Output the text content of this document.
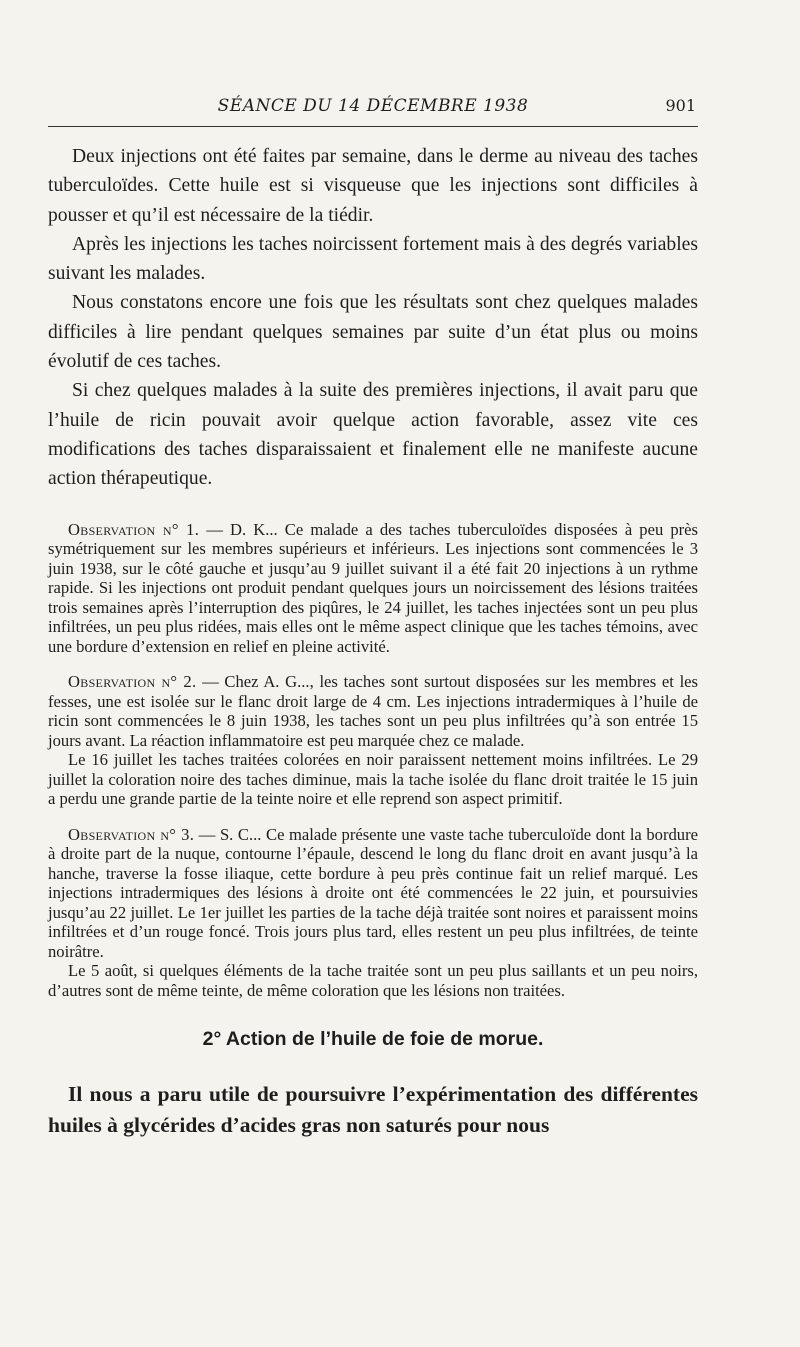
SÉANCE DU 14 DÉCEMBRE 1938	901

Deux injections ont été faites par semaine, dans le derme au niveau des taches tuberculoïdes. Cette huile est si visqueuse que les injections sont difficiles à pousser et qu’il est nécessaire de la tiédir.

Après les injections les taches noircissent fortement mais à des degrés variables suivant les malades.

Nous constatons encore une fois que les résultats sont chez quelques malades difficiles à lire pendant quelques semaines par suite d’un état plus ou moins évolutif de ces taches.

Si chez quelques malades à la suite des premières injections, il avait paru que l’huile de ricin pouvait avoir quelque action favorable, assez vite ces modifications des taches disparaissaient et finalement elle ne manifeste aucune action thérapeutique.

Observation n° 1. — D. K... Ce malade a des taches tuberculoïdes disposées à peu près symétriquement sur les membres supérieurs et inférieurs. Les injections sont commencées le 3 juin 1938, sur le côté gauche et jusqu’au 9 juillet suivant il a été fait 20 injections à un rythme rapide. Si les injections ont produit pendant quelques jours un noircissement des lésions traitées trois semaines après l’interruption des piqûres, le 24 juillet, les taches injectées sont un peu plus infiltrées, un peu plus ridées, mais elles ont le même aspect clinique que les taches témoins, avec une bordure d’extension en relief en pleine activité.

Observation n° 2. — Chez A. G..., les taches sont surtout disposées sur les membres et les fesses, une est isolée sur le flanc droit large de 4 cm. Les injections intradermiques à l’huile de ricin sont commencées le 8 juin 1938, les taches sont un peu plus infiltrées qu’à son entrée 15 jours avant. La réaction inflammatoire est peu marquée chez ce malade.

Le 16 juillet les taches traitées colorées en noir paraissent nettement moins infiltrées. Le 29 juillet la coloration noire des taches diminue, mais la tache isolée du flanc droit traitée le 15 juin a perdu une grande partie de la teinte noire et elle reprend son aspect primitif.

Observation n° 3. — S. C... Ce malade présente une vaste tache tuberculoïde dont la bordure à droite part de la nuque, contourne l’épaule, descend le long du flanc droit en avant jusqu’à la hanche, traverse la fosse iliaque, cette bordure à peu près continue fait un relief marqué. Les injections intradermiques des lésions à droite ont été commencées le 22 juin, et poursuivies jusqu’au 22 juillet. Le 1er juillet les parties de la tache déjà traitée sont noires et paraissent moins infiltrées et d’un rouge foncé. Trois jours plus tard, elles restent un peu plus infiltrées, de teinte noirâtre.

Le 5 août, si quelques éléments de la tache traitée sont un peu plus saillants et un peu noirs, d’autres sont de même teinte, de même coloration que les lésions non traitées.

2° Action de l’huile de foie de morue.

Il nous a paru utile de poursuivre l’expérimentation des différentes huiles à glycérides d’acides gras non saturés pour nous
